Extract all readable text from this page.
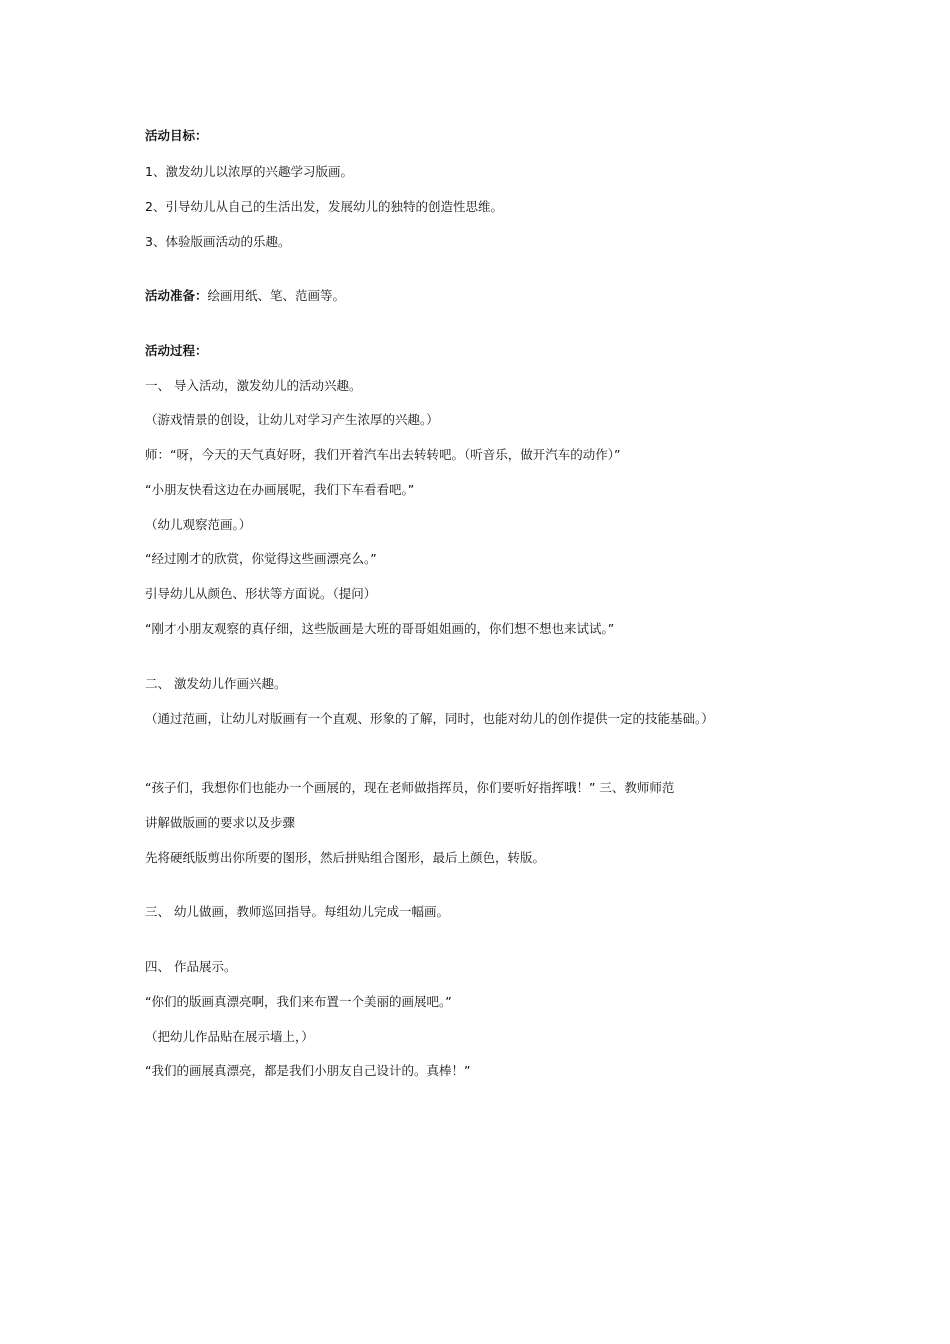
活动目标：
1、激发幼儿以浓厚的兴趣学习版画。
2、引导幼儿从自己的生活出发，发展幼儿的独特的创造性思维。
3、体验版画活动的乐趣。
活动准备：绘画用纸、笔、范画等。
活动过程：
一、 导入活动，激发幼儿的活动兴趣。
（游戏情景的创设，让幼儿对学习产生浓厚的兴趣。）
师：“呀，今天的天气真好呀，我们开着汽车出去转转吧。（听音乐，做开汽车的动作）”
“小朋友快看这边在办画展呢，我们下车看看吧。”
（幼儿观察范画。）
“经过刚才的欣赏，你觉得这些画漂亮么。”
引导幼儿从颜色、形状等方面说。（提问）
“刚才小朋友观察的真仔细，这些版画是大班的哥哥姐姐画的，你们想不想也来试试。”
二、 激发幼儿作画兴趣。
（通过范画，让幼儿对版画有一个直观、形象的了解，同时，也能对幼儿的创作提供一定的技能基础。）
“孩子们，我想你们也能办一个画展的，现在老师做指挥员，你们要听好指挥哦！” 三、教师师范
讲解做版画的要求以及步骤
先将硬纸版剪出你所要的图形，然后拼贴组合图形，最后上颜色，转版。
三、 幼儿做画，教师巡回指导。每组幼儿完成一幅画。
四、 作品展示。
“你们的版画真漂亮啊，我们来布置一个美丽的画展吧。”
（把幼儿作品贴在展示墙上，）
“我们的画展真漂亮，都是我们小朋友自己设计的。真棒！”
